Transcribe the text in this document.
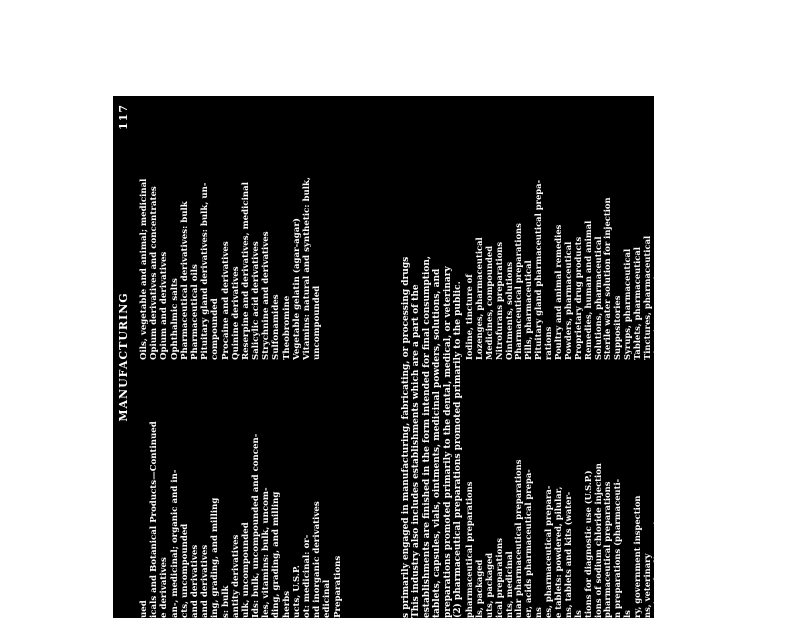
MANUFACTURING
117
ued icals and Botanical Products—Continued e derivatives an-, medicinal; organic and in- cts, uncompounded and derivatives and derivatives ing, grading, and milling s: bulk antity derivatives ulk, uncompounded Ids: bulk, uncompounded and concen- les, vitamins: bulk, uncom- ding, grading, and milling herbs ucts, U.S.P. ot: medicinal: or- nd inorganic derivatives edicinal Preparations
Oils, vegetable and animal; medicinal Opium derivatives and concentrates Opium and derivatives Ophthalmic salts Pharmaceutical derivatives: bulk Pharmaceutical oils Pituitary gland derivatives: bulk, un- compounded Procaine and derivatives Quinine derivatives Reserpine and derivatives, medicinal Salicylic acid derivatives Strychnine and derivatives Sulfonamides Theobromine Vegetable gelatin (agar-agar) Vitamins: natural and synthetic: bulk, uncompounded	s primarily engaged in manufacturing, fabricating, or processing drugs This industry also includes establishments which are a part of the establishments are finished in the form intended for final consumption, tablets, capsules, vials, ointments, medicinal powders, solutions, and preparations promoted primarily to the dental, medical, or veterinary (2) pharmaceutical preparations promoted primarily to the public. pharmaceutical preparations ls, packaged uts, packaged ical preparations nts, medicinal ular pharmaceutical preparations er, acids pharmaceutical prepa- ns es, pharmaceutical prepara- e tablets: powdered, pilular, ns, tablets and kits (water- ls tions for diagnostic use (U.S.P.) ions of sodium chloride injection pharmaceutical preparations n preparations (pharmaceuti- ls ry, government inspection ns, veterinary rations for diagnostic use ary preparations ous solutions
Iodine, tincture of Lozenges, pharmaceutical Medicines, compounded Nitrofurans preparations Ointments, solutions Pharmaceutical preparations Pills, pharmaceutical Pituitary gland pharmaceutical prepa- rations Poultry and animal remedies Powders, pharmaceutical Proprietary drug products Remedies, human and animal Solutions, pharmaceutical Sterile water solution for injection Suppositories Syrups, pharmaceutical Tablets, pharmaceutical Tinctures, pharmaceutical Vitamin preparations Vitamin, pharmaceutical drug prepa- rations Water, sterile, for injection Zinc ointment
